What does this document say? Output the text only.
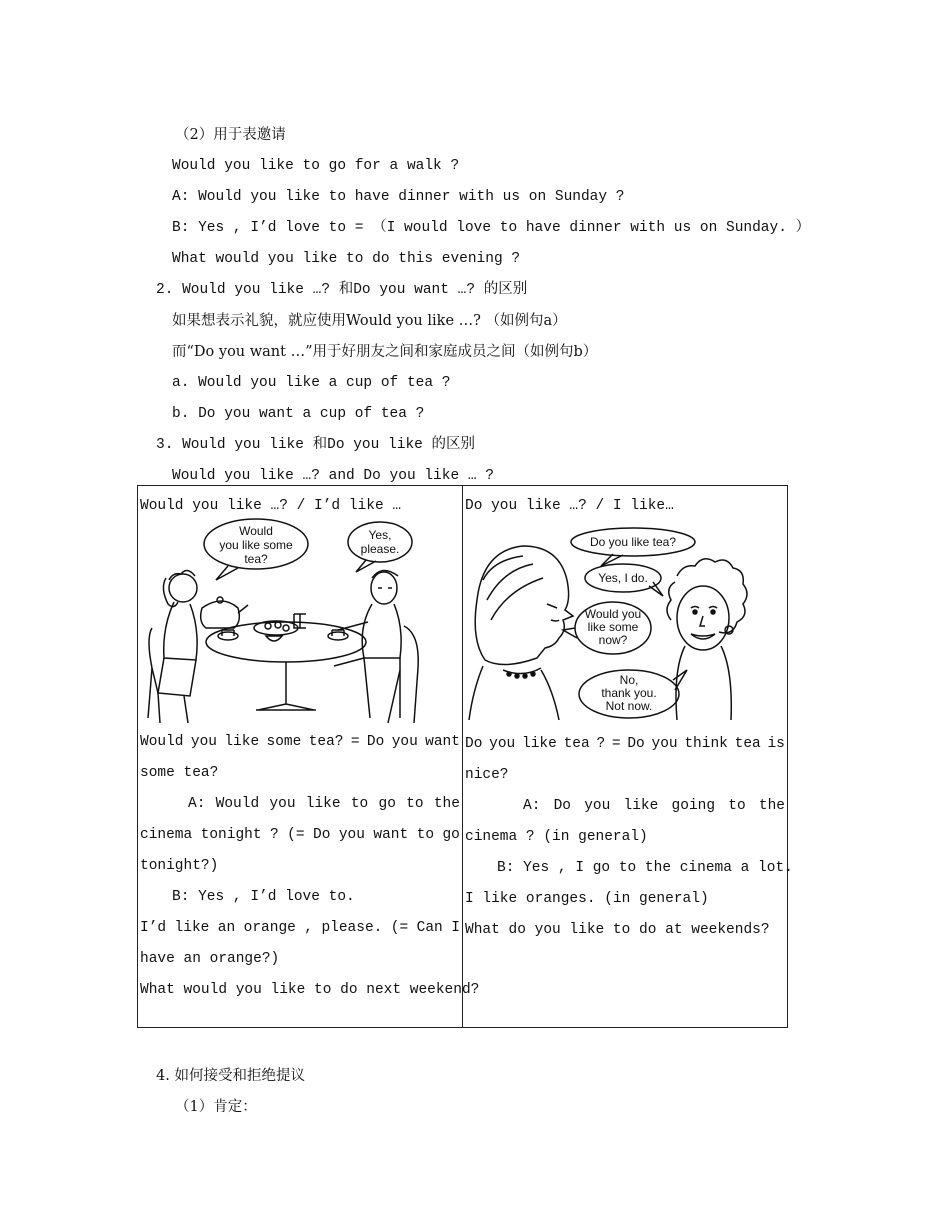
（2）用于表邀请
Would you like to go for a walk ?
A: Would you like to have dinner with us on Sunday ?
B: Yes , I’d love to = （I would love to have dinner with us on Sunday. ）
What would you like to do this evening ?
2. Would you like …? 和Do you want …? 的区别
如果想表示礼貌，就应使用Would you like …? （如例句a）
而“Do you want …”用于好朋友之间和家庭成员之间（如例句b）
a. Would you like a cup of tea ?
b. Do you want a cup of tea ?
3. Would you like 和Do you like 的区别
Would you like …? and Do you like … ?
Would you like …? / I’d like …
Would
you like some
tea?
Yes,
please.
Would you like some tea? = Do you want
some tea?
A: Would you like to go to the
cinema tonight ? (= Do you want to go
tonight?)
B: Yes , I’d love to.
I’d like an orange , please. (= Can I
have an orange?)
What would you like to do next weekend?

Do you like …? / I like…
Do you like tea?
Yes, I do.
Would you
like some
now?
No,
thank you.
Not now.
Do you like tea ? = Do you think tea is
nice?
A: Do you like going to the
cinema ? (in general)
B: Yes , I go to the cinema a lot.
I like oranges. (in general)
What do you like to do at weekends?
4. 如何接受和拒绝提议
（1）肯定：
